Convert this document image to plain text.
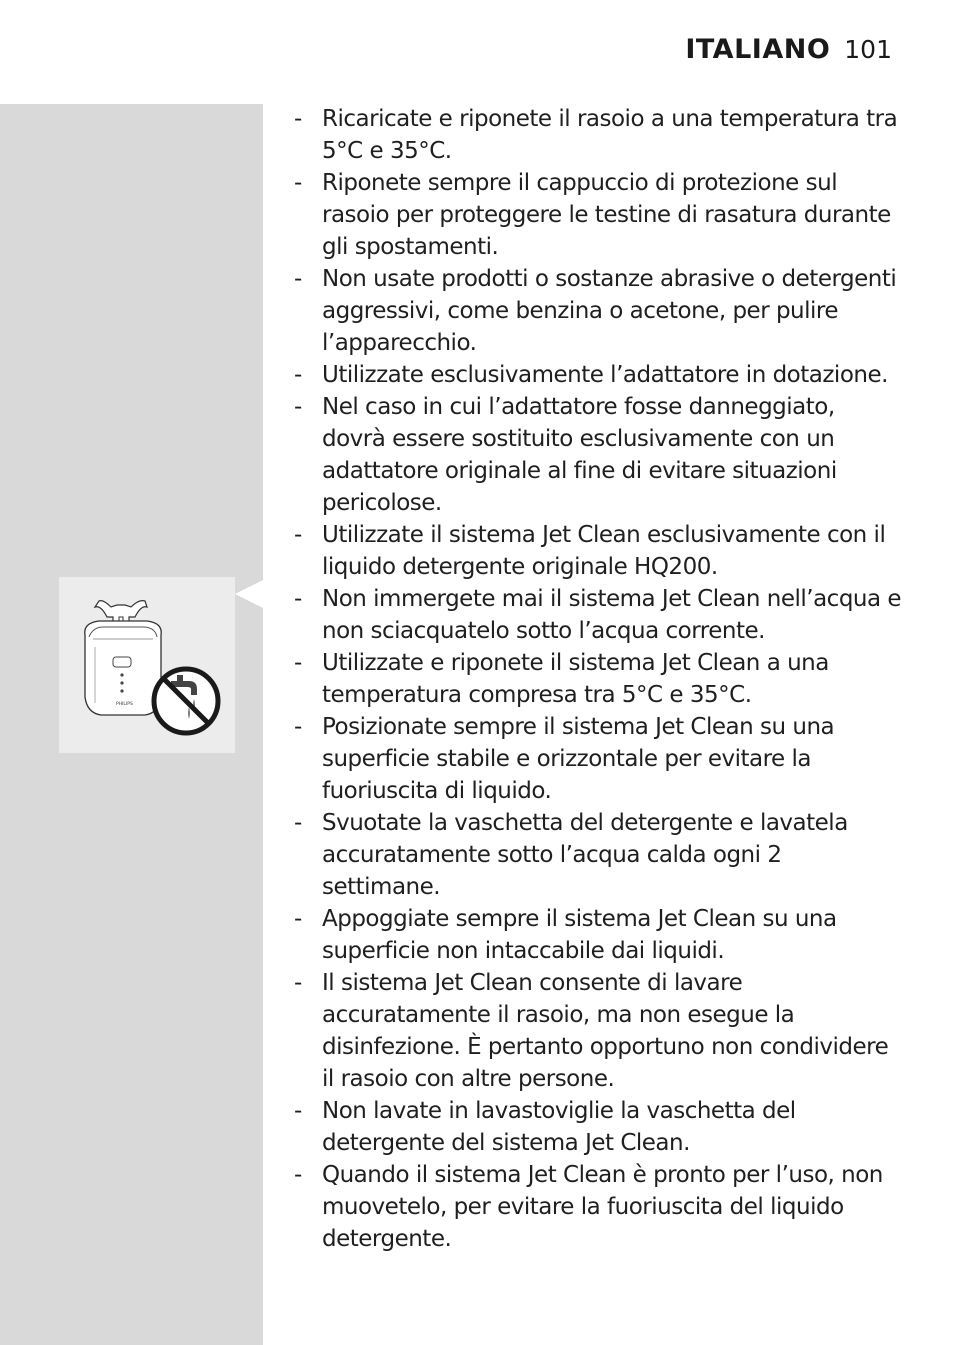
ITALIANO 101
PHILIPS
- Ricaricate e riponete il rasoio a una temperatura tra 5°C e 35°C.
- Riponete sempre il cappuccio di protezione sul rasoio per proteggere le testine di rasatura durante gli spostamenti.
- Non usate prodotti o sostanze abrasive o detergenti aggressivi, come benzina o acetone, per pulire l’apparecchio.
- Utilizzate esclusivamente l’adattatore in dotazione.
- Nel caso in cui l’adattatore fosse danneggiato, dovrà essere sostituito esclusivamente con un adattatore originale al fine di evitare situazioni pericolose.
- Utilizzate il sistema Jet Clean esclusivamente con il liquido detergente originale HQ200.
- Non immergete mai il sistema Jet Clean nell’acqua e non sciacquatelo sotto l’acqua corrente.
- Utilizzate e riponete il sistema Jet Clean a una temperatura compresa tra 5°C e 35°C.
- Posizionate sempre il sistema Jet Clean su una superficie stabile e orizzontale per evitare la fuoriuscita di liquido.
- Svuotate la vaschetta del detergente e lavatela accuratamente sotto l’acqua calda ogni 2 settimane.
- Appoggiate sempre il sistema Jet Clean su una superficie non intaccabile dai liquidi.
- Il sistema Jet Clean consente di lavare accuratamente il rasoio, ma non esegue la disinfezione. È pertanto opportuno non condividere il rasoio con altre persone.
- Non lavate in lavastoviglie la vaschetta del detergente del sistema Jet Clean.
- Quando il sistema Jet Clean è pronto per l’uso, non muovetelo, per evitare la fuoriuscita del liquido detergente.
